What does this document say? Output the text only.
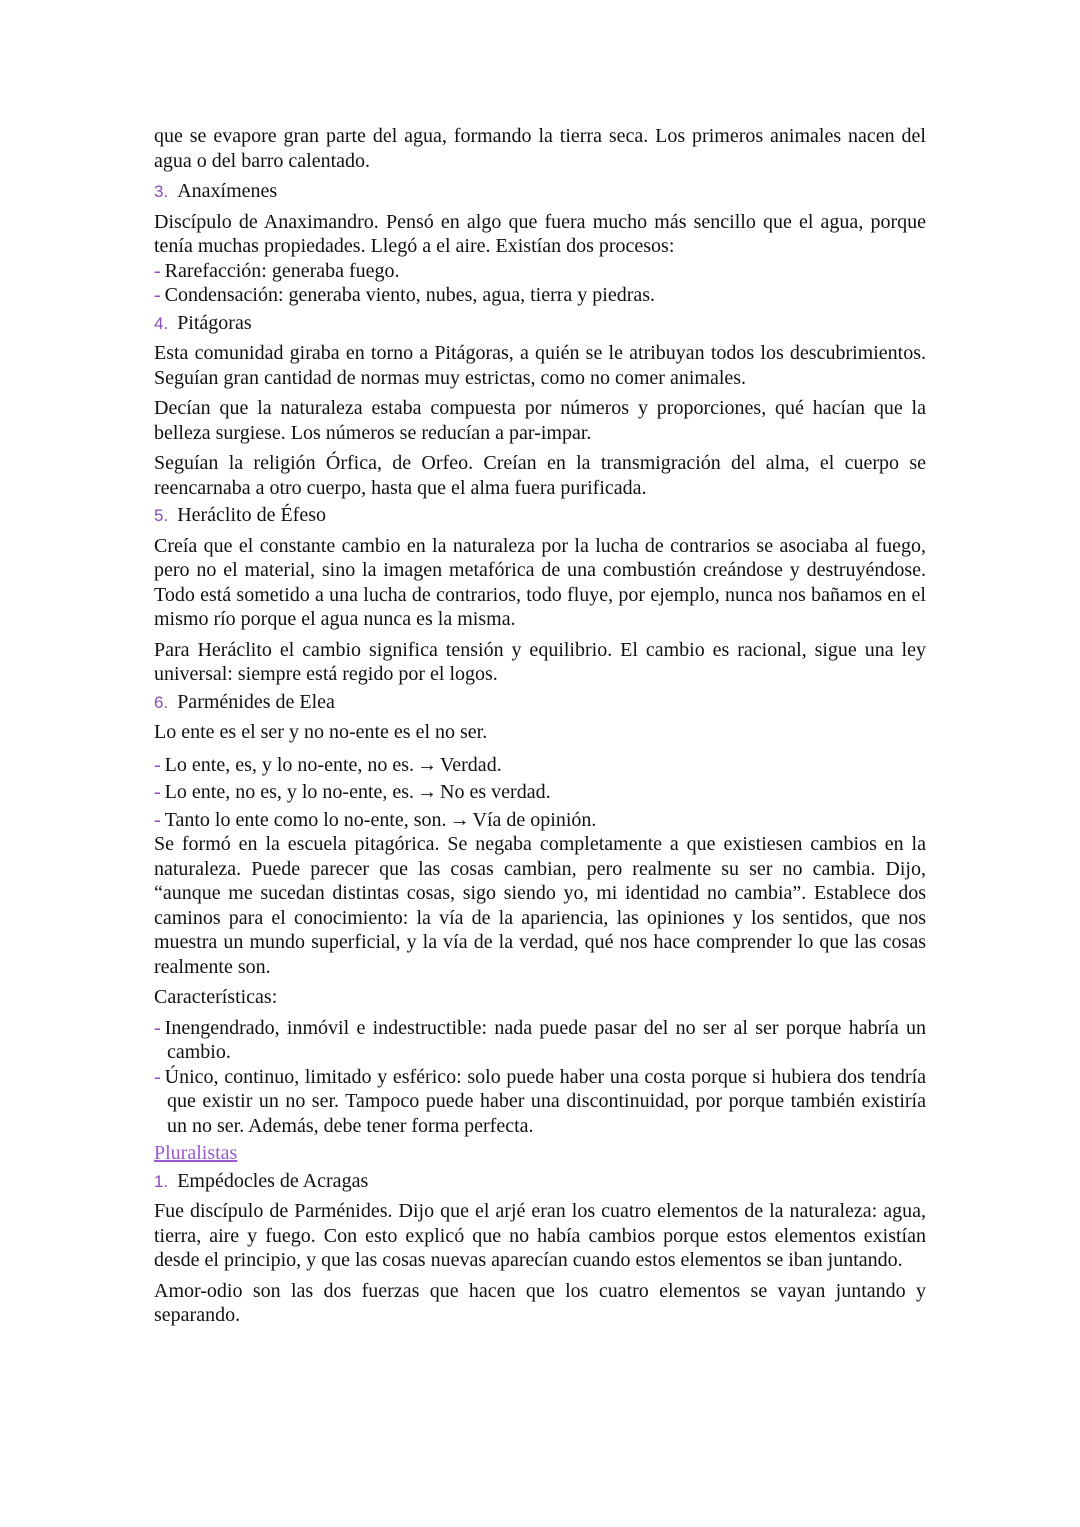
que se evapore gran parte del agua, formando la tierra seca. Los primeros animales nacen del agua o del barro calentado.

3. Anaxímenes

Discípulo de Anaximandro. Pensó en algo que fuera mucho más sencillo que el agua, porque tenía muchas propiedades. Llegó a el aire. Existían dos procesos:

- Rarefacción: generaba fuego.
- Condensación: generaba viento, nubes, agua, tierra y piedras.
4. Pitágoras

Esta comunidad giraba en torno a Pitágoras, a quién se le atribuyan todos los descubrimientos. Seguían gran cantidad de normas muy estrictas, como no comer animales.

Decían que la naturaleza estaba compuesta por números y proporciones, qué hacían que la belleza surgiese. Los números se reducían a par-impar.

Seguían la religión Órfica, de Orfeo. Creían en la transmigración del alma, el cuerpo se reencarnaba a otro cuerpo, hasta que el alma fuera purificada.

5. Heráclito de Éfeso

Creía que el constante cambio en la naturaleza por la lucha de contrarios se asociaba al fuego, pero no el material, sino la imagen metafórica de una combustión creándose y destruyéndose. Todo está sometido a una lucha de contrarios, todo fluye, por ejemplo, nunca nos bañamos en el mismo río porque el agua nunca es la misma.

Para Heráclito el cambio significa tensión y equilibrio. El cambio es racional, sigue una ley universal: siempre está regido por el logos.

6. Parménides de Elea

Lo ente es el ser y no no-ente es el no ser.

- Lo ente, es, y lo no-ente, no es. → Verdad.
- Lo ente, no es, y lo no-ente, es. → No es verdad.
- Tanto lo ente como lo no-ente, son. → Vía de opinión.

Se formó en la escuela pitagórica. Se negaba completamente a que existiesen cambios en la naturaleza. Puede parecer que las cosas cambian, pero realmente su ser no cambia. Dijo, “aunque me sucedan distintas cosas, sigo siendo yo, mi identidad no cambia”. Establece dos caminos para el conocimiento: la vía de la apariencia, las opiniones y los sentidos, que nos muestra un mundo superficial, y la vía de la verdad, qué nos hace comprender lo que las cosas realmente son.

Características:

- Inengendrado, inmóvil e indestructible: nada puede pasar del no ser al ser porque habría un cambio.
- Único, continuo, limitado y esférico: solo puede haber una costa porque si hubiera dos tendría que existir un no ser. Tampoco puede haber una discontinuidad, por porque también existiría un no ser. Además, debe tener forma perfecta.
Pluralistas
1. Empédocles de Acragas

Fue discípulo de Parménides. Dijo que el arjé eran los cuatro elementos de la naturaleza: agua, tierra, aire y fuego. Con esto explicó que no había cambios porque estos elementos existían desde el principio, y que las cosas nuevas aparecían cuando estos elementos se iban juntando.

Amor-odio son las dos fuerzas que hacen que los cuatro elementos se vayan juntando y separando.
